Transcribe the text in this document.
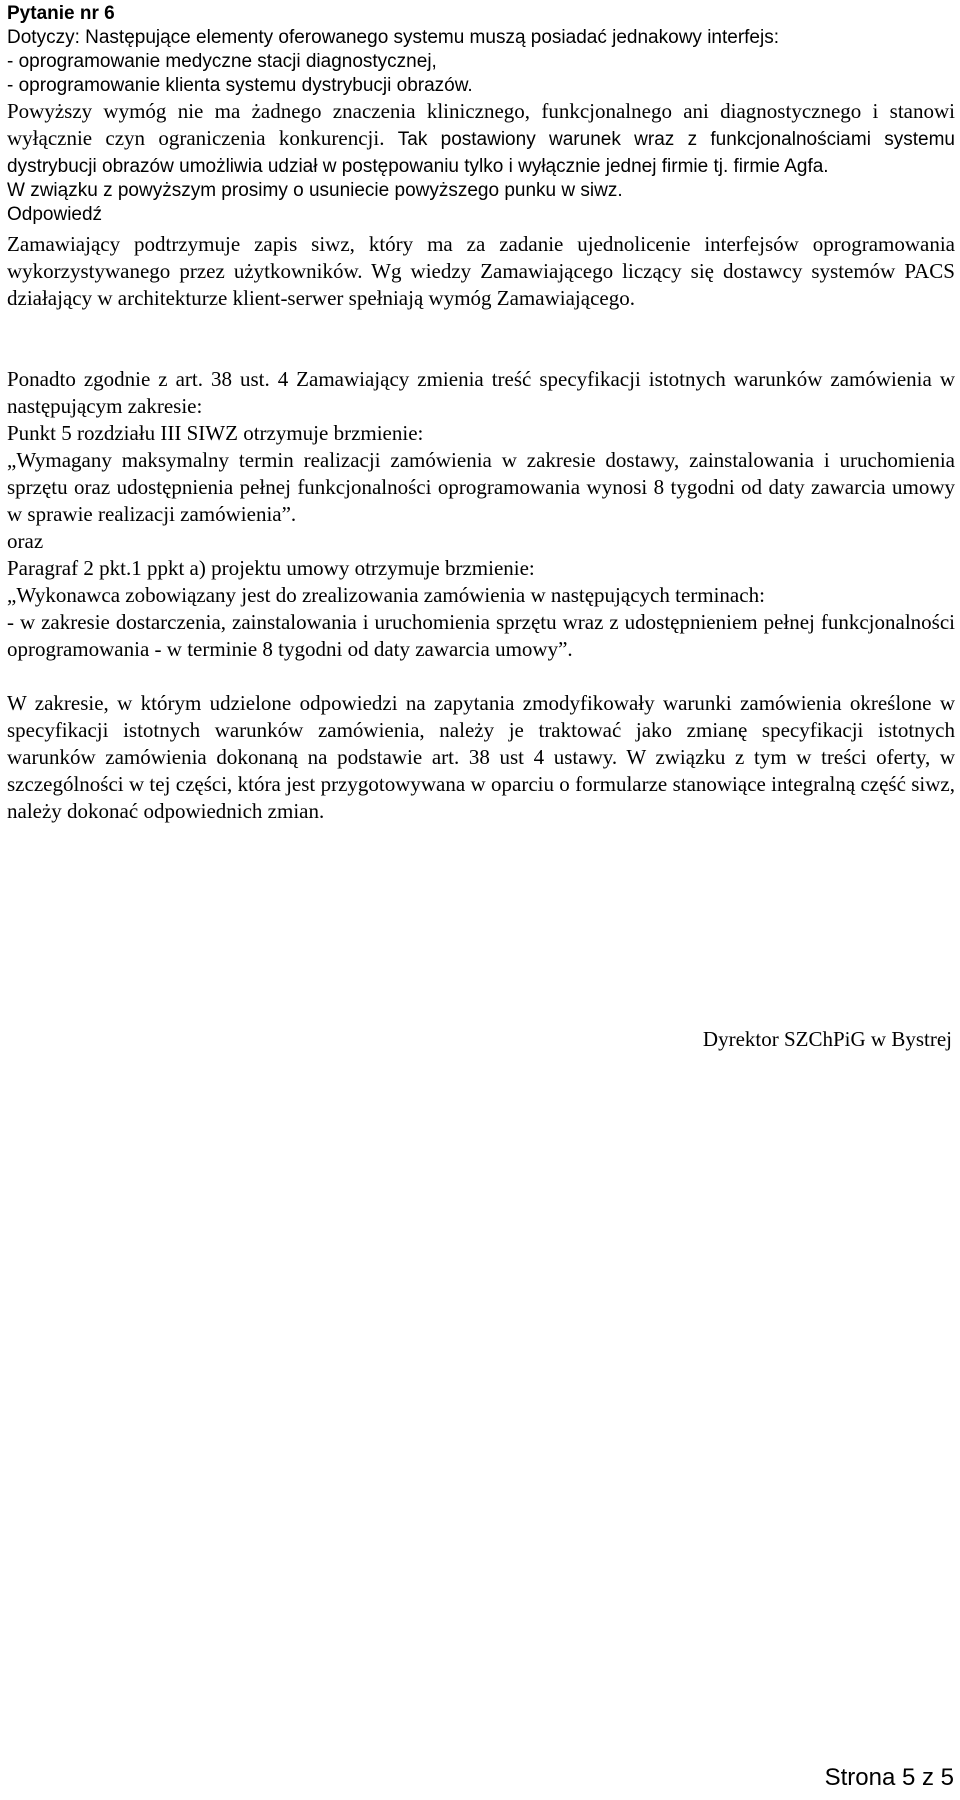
Pytanie nr 6

Dotyczy: Następujące elementy oferowanego systemu muszą posiadać jednakowy interfejs:

- oprogramowanie medyczne stacji diagnostycznej,

- oprogramowanie klienta systemu dystrybucji obrazów.

Powyższy wymóg nie ma żadnego znaczenia klinicznego, funkcjonalnego ani diagnostycznego i stanowi wyłącznie czyn ograniczenia konkurencji. Tak postawiony warunek wraz z funkcjonalnościami systemu dystrybucji obrazów umożliwia udział w postępowaniu tylko i wyłącznie jednej firmie tj. firmie Agfa.

W związku z powyższym prosimy o usuniecie powyższego punku w siwz.

Odpowiedź

Zamawiający podtrzymuje zapis siwz, który ma za zadanie ujednolicenie interfejsów oprogramowania wykorzystywanego przez użytkowników. Wg wiedzy Zamawiającego liczący się dostawcy systemów PACS działający w architekturze klient-serwer spełniają wymóg Zamawiającego.

Ponadto zgodnie z art. 38 ust. 4 Zamawiający zmienia treść specyfikacji istotnych warunków zamówienia w następującym zakresie:

Punkt 5 rozdziału III SIWZ otrzymuje brzmienie:

„Wymagany maksymalny termin realizacji zamówienia w zakresie dostawy, zainstalowania i uruchomienia sprzętu oraz udostępnienia pełnej funkcjonalności oprogramowania wynosi 8 tygodni od daty zawarcia umowy w sprawie realizacji zamówienia”.

oraz

Paragraf 2 pkt.1 ppkt a) projektu umowy otrzymuje brzmienie:

„Wykonawca zobowiązany jest do zrealizowania zamówienia w następujących terminach:

- w zakresie dostarczenia, zainstalowania i uruchomienia sprzętu wraz z udostępnieniem pełnej funkcjonalności oprogramowania - w terminie 8 tygodni od daty zawarcia umowy”.

W zakresie, w którym udzielone odpowiedzi na zapytania zmodyfikowały warunki zamówienia określone w specyfikacji istotnych warunków zamówienia, należy je traktować jako zmianę specyfikacji istotnych warunków zamówienia dokonaną na podstawie art. 38 ust 4 ustawy. W związku z tym w treści oferty, w szczególności w tej części, która jest przygotowywana w oparciu o formularze stanowiące integralną część siwz, należy dokonać odpowiednich zmian.

Dyrektor SZChPiG w Bystrej
Strona 5 z 5
